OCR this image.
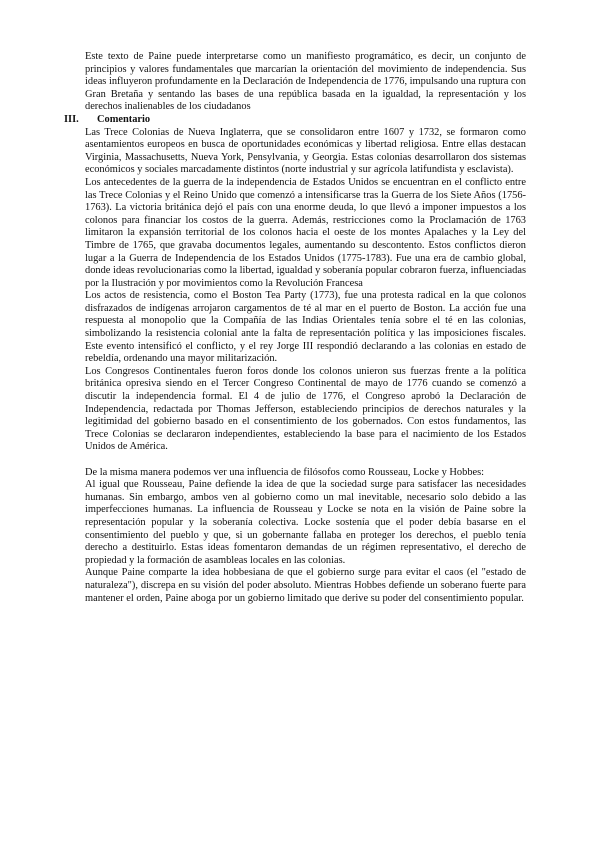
Este texto de Paine puede interpretarse como un manifiesto programático, es decir, un conjunto de principios y valores fundamentales que marcarían la orientación del movimiento de independencia. Sus ideas influyeron profundamente en la Declaración de Independencia de 1776, impulsando una ruptura con Gran Bretaña y sentando las bases de una república basada en la igualdad, la representación y los derechos inalienables de los ciudadanos

III.	Comentario

Las Trece Colonias de Nueva Inglaterra, que se consolidaron entre 1607 y 1732, se formaron como asentamientos europeos en busca de oportunidades económicas y libertad religiosa. Entre ellas destacan Virginia, Massachusetts, Nueva York, Pensylvania, y Georgia. Estas colonias desarrollaron dos sistemas económicos y sociales marcadamente distintos (norte industrial y sur agrícola latifundista y esclavista).

Los antecedentes de la guerra de la independencia de Estados Unidos se encuentran en el conflicto entre las Trece Colonias y el Reino Unido que comenzó a intensificarse tras la Guerra de los Siete Años (1756-1763). La victoria británica dejó el país con una enorme deuda, lo que llevó a imponer impuestos a los colonos para financiar los costos de la guerra. Además, restricciones como la Proclamación de 1763 limitaron la expansión territorial de los colonos hacia el oeste de los montes Apalaches y la Ley del Timbre de 1765, que gravaba documentos legales, aumentando su descontento. Estos conflictos dieron lugar a la Guerra de Independencia de los Estados Unidos (1775-1783). Fue una era de cambio global, donde ideas revolucionarias como la libertad, igualdad y soberanía popular cobraron fuerza, influenciadas por la Ilustración y por movimientos como la Revolución Francesa

Los actos de resistencia, como el Boston Tea Party (1773), fue una protesta radical en la que colonos disfrazados de indígenas arrojaron cargamentos de té al mar en el puerto de Boston. La acción fue una respuesta al monopolio que la Compañía de las Indias Orientales tenía sobre el té en las colonias, simbolizando la resistencia colonial ante la falta de representación política y las imposiciones fiscales. Este evento intensificó el conflicto, y el rey Jorge III respondió declarando a las colonias en estado de rebeldía, ordenando una mayor militarización.

Los Congresos Continentales fueron foros donde los colonos unieron sus fuerzas frente a la política británica opresiva siendo en el Tercer Congreso Continental de mayo de 1776 cuando se comenzó a discutir la independencia formal. El 4 de julio de 1776, el Congreso aprobó la Declaración de Independencia, redactada por Thomas Jefferson, estableciendo principios de derechos naturales y la legitimidad del gobierno basado en el consentimiento de los gobernados. Con estos fundamentos, las Trece Colonias se declararon independientes, estableciendo la base para el nacimiento de los Estados Unidos de América.

De la misma manera podemos ver una influencia de filósofos como Rousseau, Locke y Hobbes:

Al igual que Rousseau, Paine defiende la idea de que la sociedad surge para satisfacer las necesidades humanas. Sin embargo, ambos ven al gobierno como un mal inevitable, necesario solo debido a las imperfecciones humanas. La influencia de Rousseau y Locke se nota en la visión de Paine sobre la representación popular y la soberanía colectiva. Locke sostenía que el poder debía basarse en el consentimiento del pueblo y que, si un gobernante fallaba en proteger los derechos, el pueblo tenía derecho a destituirlo. Estas ideas fomentaron demandas de un régimen representativo, el derecho de propiedad y la formación de asambleas locales en las colonias.

Aunque Paine comparte la idea hobbesiana de que el gobierno surge para evitar el caos (el "estado de naturaleza"), discrepa en su visión del poder absoluto. Mientras Hobbes defiende un soberano fuerte para mantener el orden, Paine aboga por un gobierno limitado que derive su poder del consentimiento popular.
